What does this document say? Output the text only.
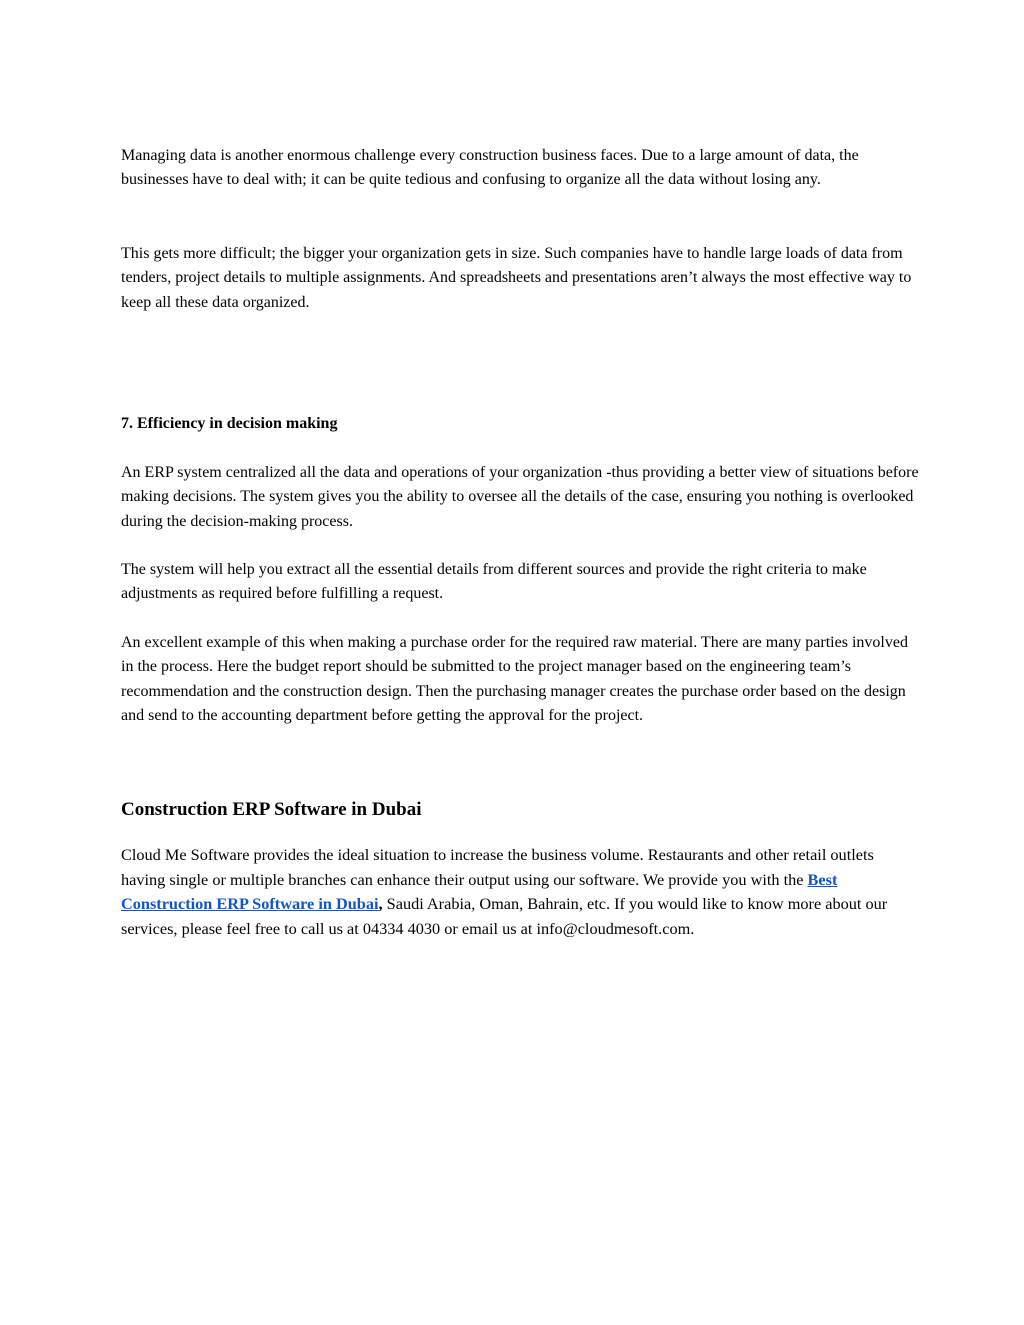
Managing data is another enormous challenge every construction business faces. Due to a large amount of data, the businesses have to deal with; it can be quite tedious and confusing to organize all the data without losing any.

This gets more difficult; the bigger your organization gets in size. Such companies have to handle large loads of data from tenders, project details to multiple assignments. And spreadsheets and presentations aren’t always the most effective way to keep all these data organized.

7. Efficiency in decision making

An ERP system centralized all the data and operations of your organization -thus providing a better view of situations before making decisions. The system gives you the ability to oversee all the details of the case, ensuring you nothing is overlooked during the decision-making process.

The system will help you extract all the essential details from different sources and provide the right criteria to make adjustments as required before fulfilling a request.

An excellent example of this when making a purchase order for the required raw material. There are many parties involved in the process. Here the budget report should be submitted to the project manager based on the engineering team’s recommendation and the construction design. Then the purchasing manager creates the purchase order based on the design and send to the accounting department before getting the approval for the project.

Construction ERP Software in Dubai

Cloud Me Software provides the ideal situation to increase the business volume. Restaurants and other retail outlets having single or multiple branches can enhance their output using our software. We provide you with the Best Construction ERP Software in Dubai, Saudi Arabia, Oman, Bahrain, etc. If you would like to know more about our services, please feel free to call us at 04334 4030 or email us at info@cloudmesoft.com.
